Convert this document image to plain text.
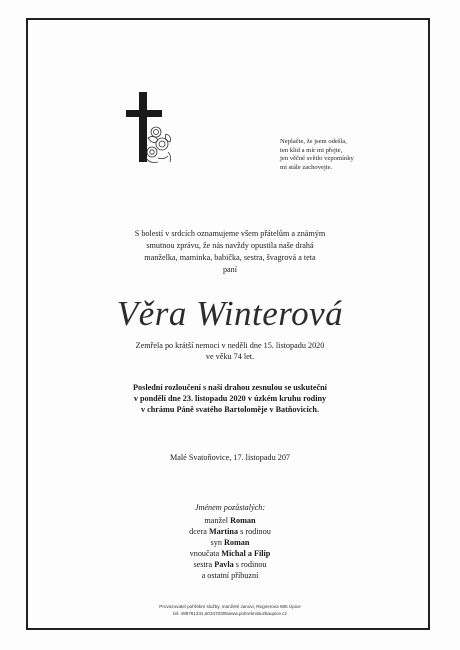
Neplačte, že jsem odešla,
ten klid a mír mi přejte,
jen věčné světlo vzpomínky
mi stále zachovejte.
S bolestí v srdcích oznamujeme všem přátelům a známým
smutnou zprávu, že nás navždy opustila naše drahá
manželka, maminka, babička, sestra, švagrová a teta
paní
Věra Winterová
Zemřela po krátší nemoci v neděli dne 15. listopadu 2020
ve věku 74 let.
Poslední rozloučení s naší drahou zesnulou se uskuteční
v pondělí dne 23. listopadu 2020 v úzkém kruhu rodiny
v chrámu Páně svatého Bartoloměje v Batňovicích.
Malé Svatoňovice, 17. listopadu 207
Jménem pozůstalých:
manžel Roman
dcera Martina s rodinou
syn Roman
vnoučata Michal a Filip
sestra Pavla s rodinou
a ostatní příbuzní
Provozovatel pohřební služby, manželé Janovi, Regnerova 685 Úpice
tel. 499781331,603470305www.pohrebnisluzbaupice.cz
